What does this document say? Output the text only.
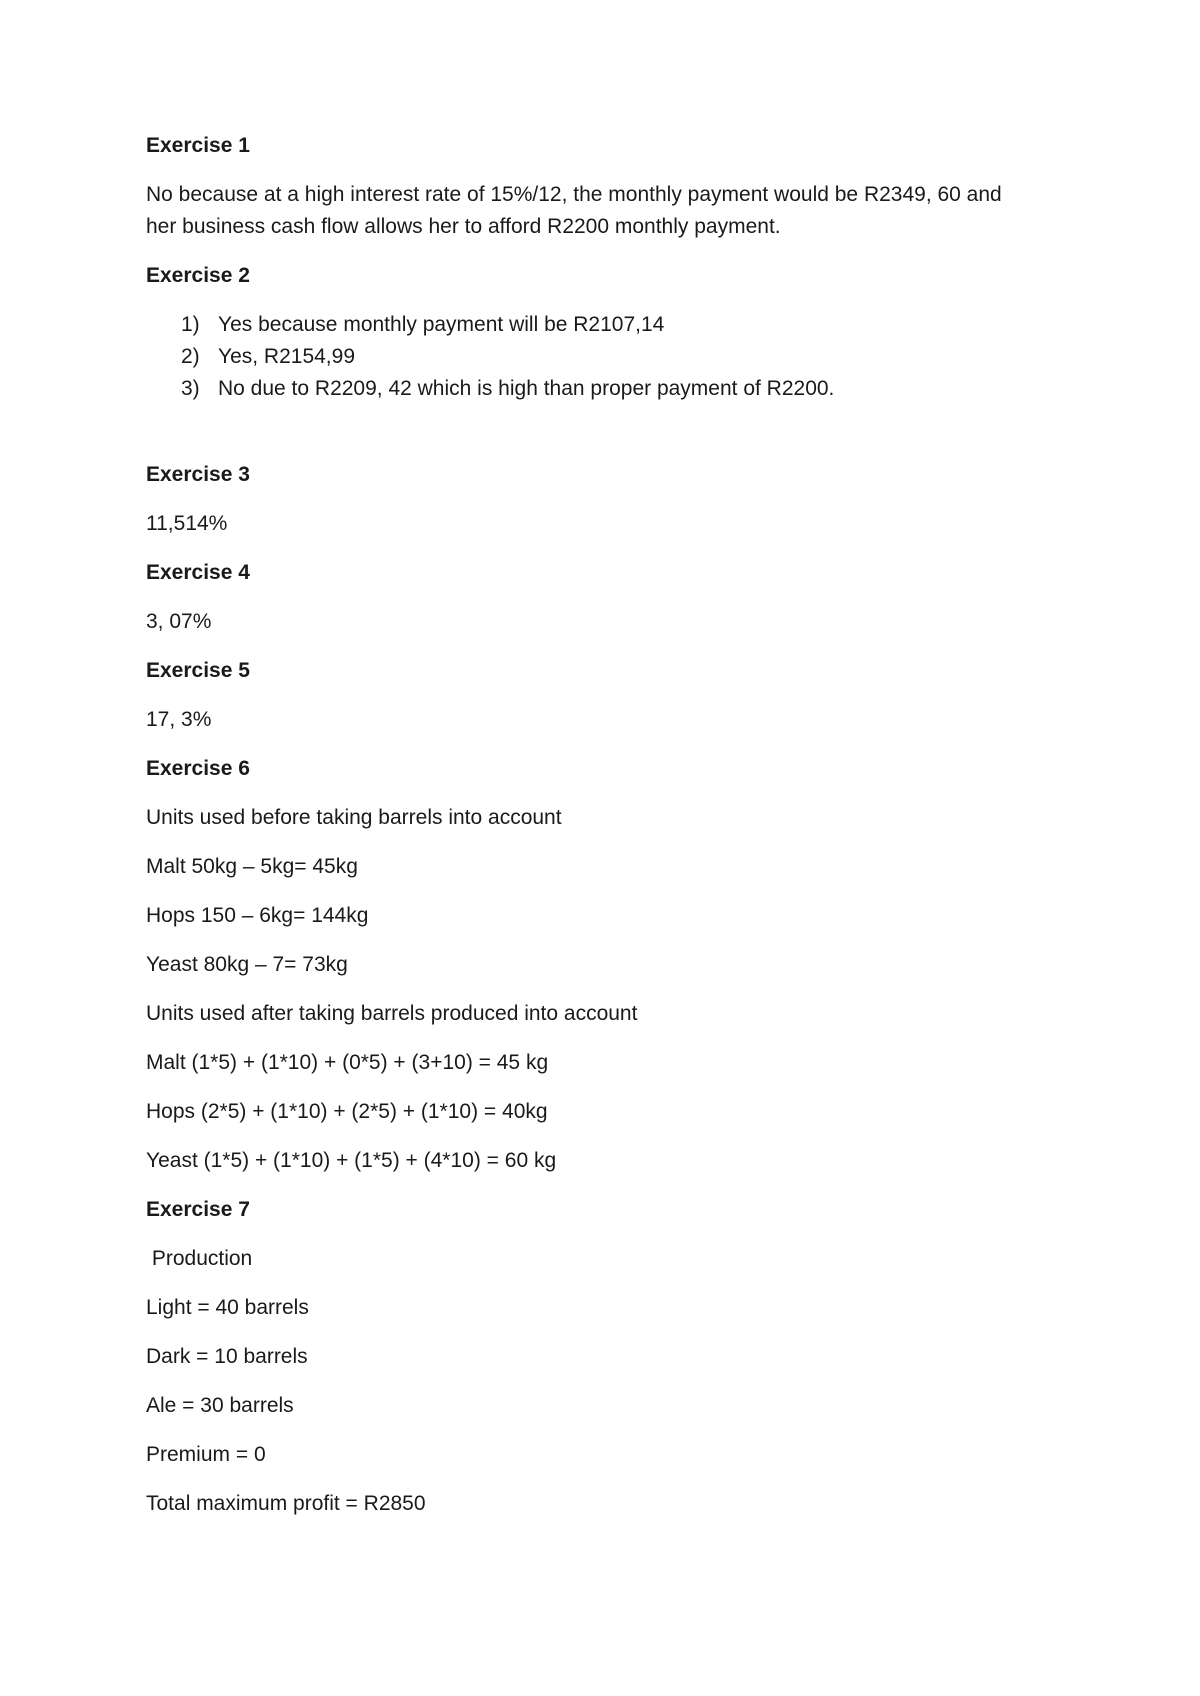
Exercise 1

No because at a high interest rate of 15%/12, the monthly payment would be R2349, 60 and

her business cash flow allows her to afford R2200 monthly payment.

Exercise 2

1) Yes because monthly payment will be R2107,14
2) Yes, R2154,99
3) No due to R2209, 42 which is high than proper payment of R2200.

Exercise 3

11,514%

Exercise 4

3, 07%

Exercise 5

17, 3%

Exercise 6

Units used before taking barrels into account

Malt 50kg – 5kg= 45kg

Hops 150 – 6kg= 144kg

Yeast 80kg – 7= 73kg

Units used after taking barrels produced into account

Malt (1*5) + (1*10) + (0*5) + (3+10) = 45 kg

Hops (2*5) + (1*10) + (2*5) + (1*10) = 40kg

Yeast (1*5) + (1*10) + (1*5) + (4*10) = 60 kg

Exercise 7

Production

Light = 40 barrels

Dark = 10 barrels

Ale = 30 barrels

Premium = 0

Total maximum profit = R2850
